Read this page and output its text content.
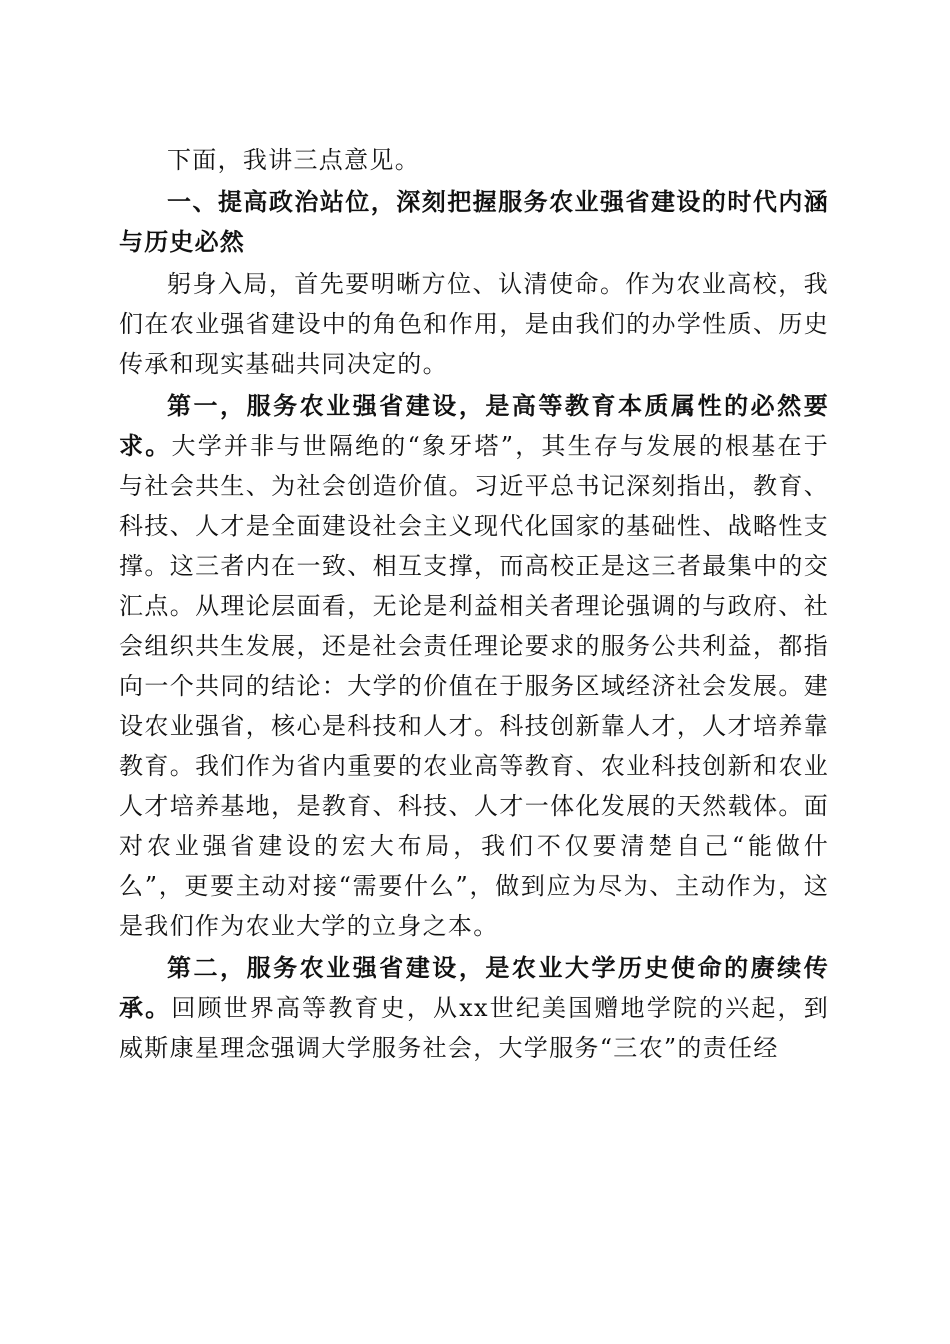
下面，我讲三点意见。

一、提高政治站位，深刻把握服务农业强省建设的时代内涵与历史必然

躬身入局，首先要明晰方位、认清使命。作为农业高校，我们在农业强省建设中的角色和作用，是由我们的办学性质、历史传承和现实基础共同决定的。

第一，服务农业强省建设，是高等教育本质属性的必然要求。大学并非与世隔绝的“象牙塔”，其生存与发展的根基在于与社会共生、为社会创造价值。习近平总书记深刻指出，教育、科技、人才是全面建设社会主义现代化国家的基础性、战略性支撑。这三者内在一致、相互支撑，而高校正是这三者最集中的交汇点。从理论层面看，无论是利益相关者理论强调的与政府、社会组织共生发展，还是社会责任理论要求的服务公共利益，都指向一个共同的结论：大学的价值在于服务区域经济社会发展。建设农业强省，核心是科技和人才。科技创新靠人才，人才培养靠教育。我们作为省内重要的农业高等教育、农业科技创新和农业人才培养基地，是教育、科技、人才一体化发展的天然载体。面对农业强省建设的宏大布局，我们不仅要清楚自己“能做什么”，更要主动对接“需要什么”，做到应为尽为、主动作为，这是我们作为农业大学的立身之本。

第二，服务农业强省建设，是农业大学历史使命的赓续传承。回顾世界高等教育史，从xx世纪美国赠地学院的兴起，到威斯康星理念强调大学服务社会，大学服务“三农”的责任经
